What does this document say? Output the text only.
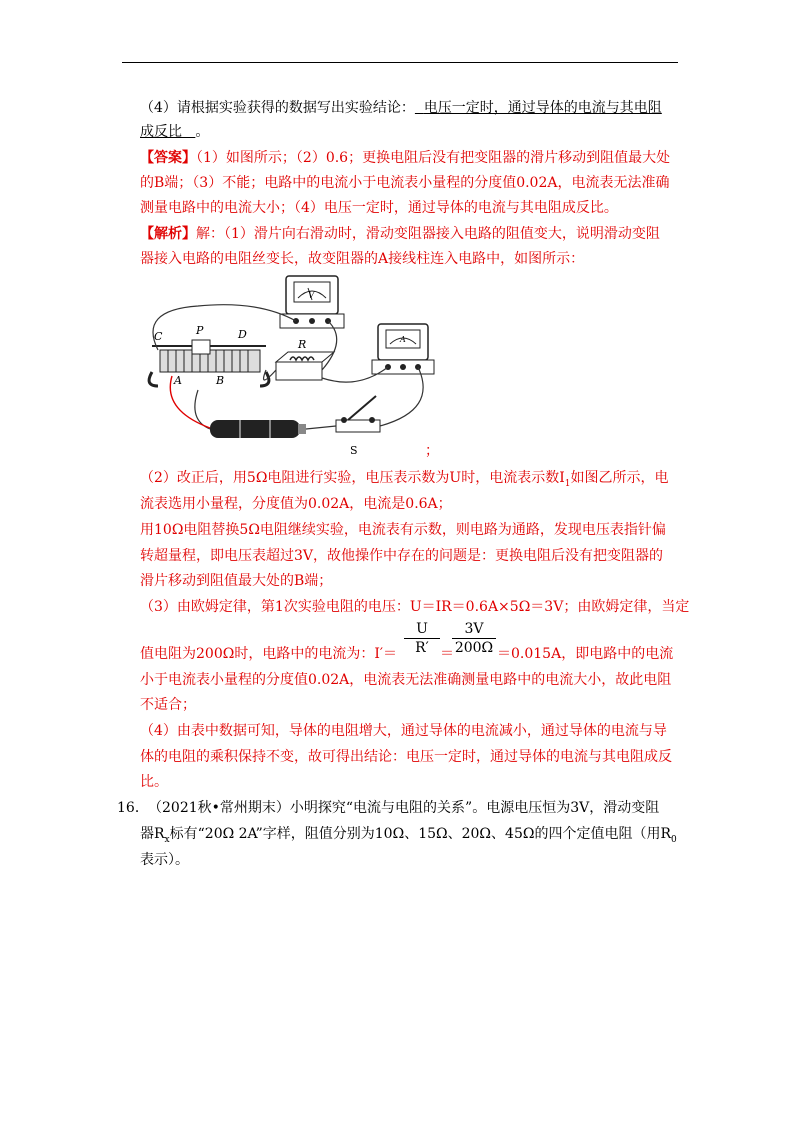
（4）请根据实验获得的数据写出实验结论： 电压一定时，通过导体的电流与其电阻
成反比 。
【答案】（1）如图所示；（2）0.6；更换电阻后没有把变阻器的滑片移动到阻值最大处
的B端；（3）不能；电路中的电流小于电流表小量程的分度值0.02A，电流表无法准确
测量电路中的电流大小；（4）电压一定时，通过导体的电流与其电阻成反比。
【解析】解：（1）滑片向右滑动时，滑动变阻器接入电路的阻值变大，说明滑动变阻
器接入电路的电阻丝变长，故变阻器的A接线柱连入电路中，如图所示：
V
R	A
C	P	D
A	B
S	；
（2）改正后，用5Ω电阻进行实验，电压表示数为U时，电流表示数$I_1$如图乙所示，电
流表选用小量程，分度值为0.02A，电流是0.6A；
用10Ω电阻替换5Ω电阻继续实验，电流表有示数，则电路为通路，发现电压表指针偏
转超量程，即电压表超过3V，故他操作中存在的问题是：更换电阻后没有把变阻器的
滑片移动到阻值最大处的B端；
（3）由欧姆定律，第1次实验电阻的电压：U＝IR＝0.6A×5Ω＝3V；由欧姆定律，当定
值电阻为200Ω时，电路中的电流为：I′＝
U
R′ ＝
3V
200Ω ＝0.015A，即电路中的电流
小于电流表小量程的分度值0.02A，电流表无法准确测量电路中的电流大小，故此电阻
不适合；
（4）由表中数据可知，导体的电阻增大，通过导体的电流减小，通过导体的电流与导
体的电阻的乘积保持不变，故可得出结论：电压一定时，通过导体的电流与其电阻成反
比。
16． （2021秋•常州期末）小明探究“电流与电阻的关系”。电源电压恒为3V，滑动变阻
器$R_x$标有“20Ω 2A”字样，阻值分别为10Ω、15Ω、20Ω、45Ω的四个定值电阻（用$R_0$
表示）。
